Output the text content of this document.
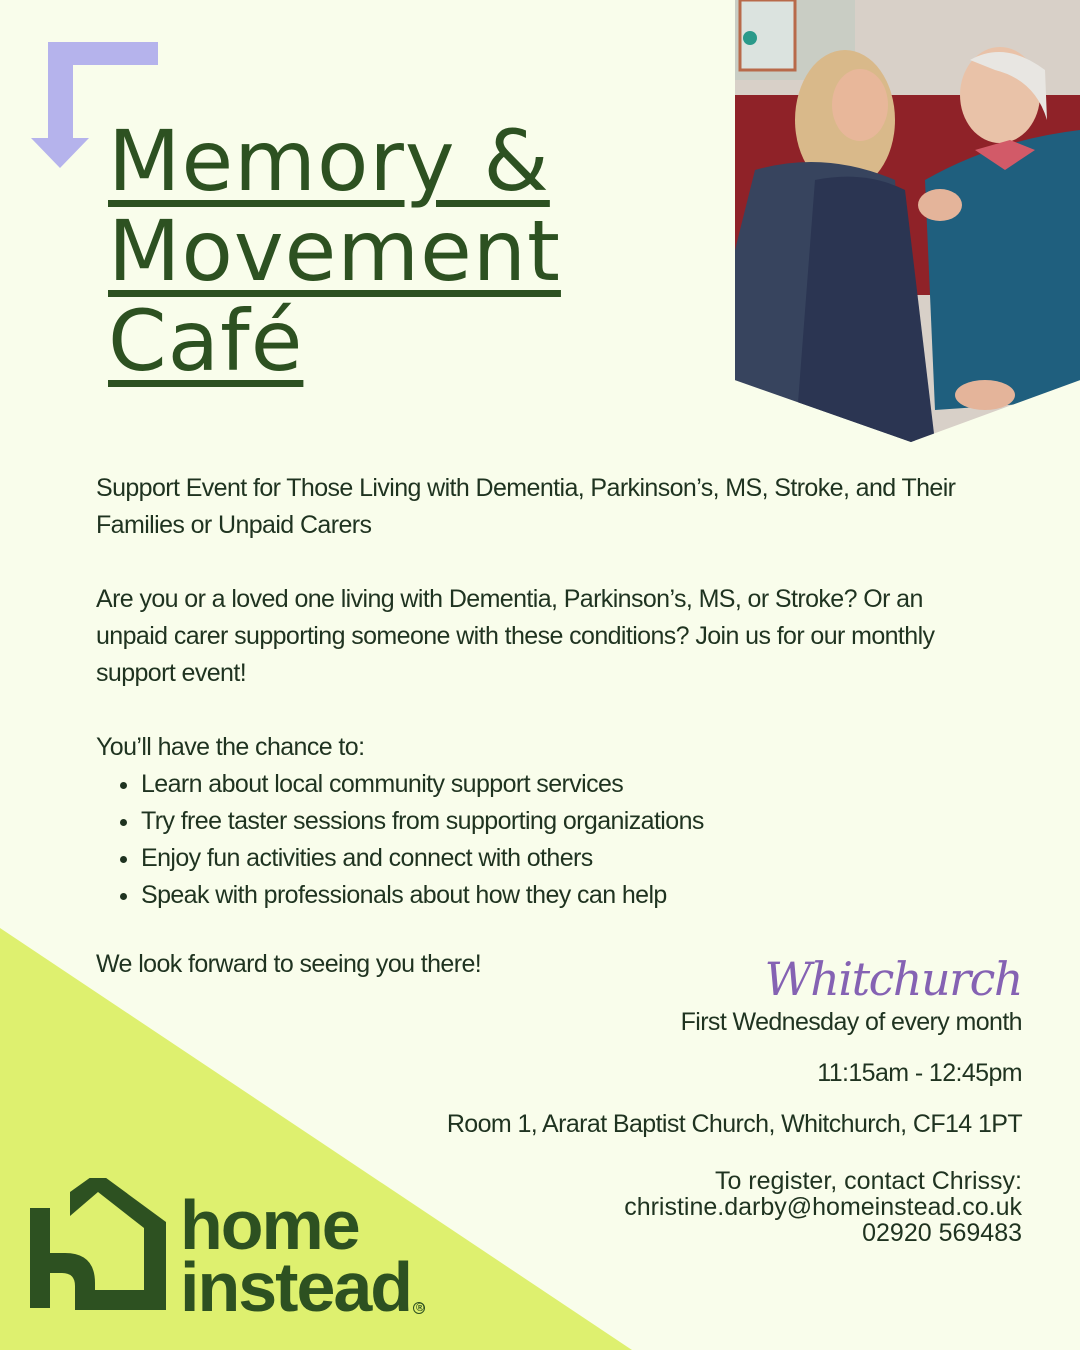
Memory &
Movement
Café

Support Event for Those Living with Dementia, Parkinson’s, MS, Stroke, and Their Families or Unpaid Carers

Are you or a loved one living with Dementia, Parkinson’s, MS, or Stroke? Or an unpaid carer supporting someone with these conditions? Join us for our monthly support event!

You’ll have the chance to:
• Learn about local community support services
• Try free taster sessions from supporting organizations
• Enjoy fun activities and connect with others
• Speak with professionals about how they can help
We look forward to seeing you there!	Whitchurch

First Wednesday of every month

11:15am - 12:45pm

Room 1, Ararat Baptist Church, Whitchurch, CF14 1PT

To register, contact Chrissy:
christine.darby@homeinstead.co.uk
02920 569483
home
instead ®
